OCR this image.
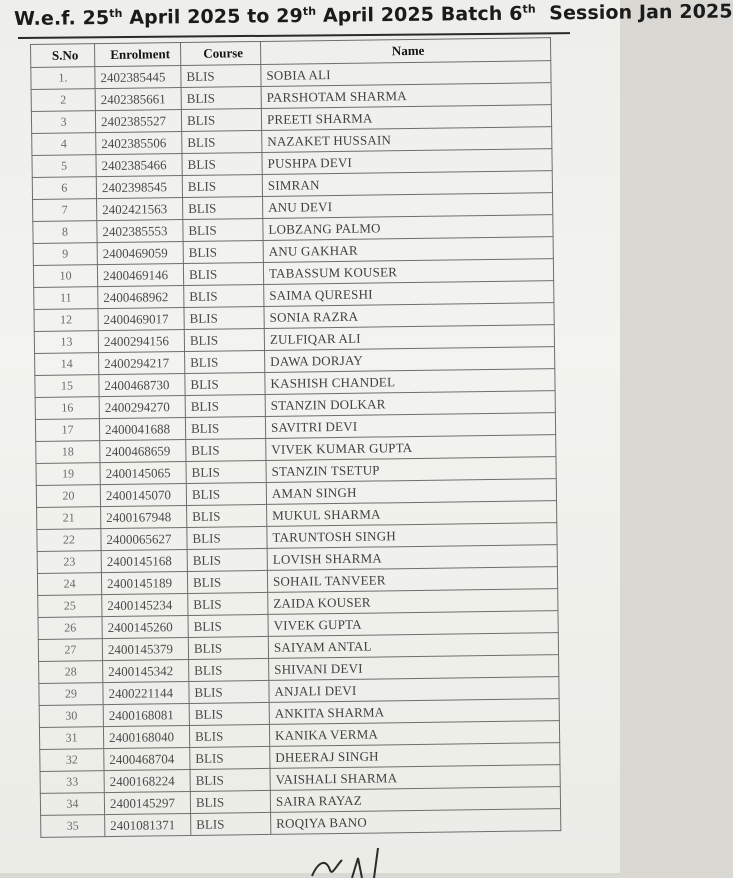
W.e.f. 25th April 2025 to 29th April 2025 Batch 6th  Session Jan 2025
S.No	Enrolment	Course	Name
1.	2402385445	BLIS	SOBIA ALI
2	2402385661	BLIS	PARSHOTAM SHARMA
3	2402385527	BLIS	PREETI SHARMA
4	2402385506	BLIS	NAZAKET HUSSAIN
5	2402385466	BLIS	PUSHPA DEVI
6	2402398545	BLIS	SIMRAN
7	2402421563	BLIS	ANU DEVI
8	2402385553	BLIS	LOBZANG PALMO
9	2400469059	BLIS	ANU GAKHAR
10	2400469146	BLIS	TABASSUM KOUSER
11	2400468962	BLIS	SAIMA QURESHI
12	2400469017	BLIS	SONIA RAZRA
13	2400294156	BLIS	ZULFIQAR ALI
14	2400294217	BLIS	DAWA DORJAY
15	2400468730	BLIS	KASHISH CHANDEL
16	2400294270	BLIS	STANZIN DOLKAR
17	2400041688	BLIS	SAVITRI DEVI
18	2400468659	BLIS	VIVEK KUMAR GUPTA
19	2400145065	BLIS	STANZIN TSETUP
20	2400145070	BLIS	AMAN SINGH
21	2400167948	BLIS	MUKUL SHARMA
22	2400065627	BLIS	TARUNTOSH SINGH
23	2400145168	BLIS	LOVISH SHARMA
24	2400145189	BLIS	SOHAIL TANVEER
25	2400145234	BLIS	ZAIDA KOUSER
26	2400145260	BLIS	VIVEK GUPTA
27	2400145379	BLIS	SAIYAM ANTAL
28	2400145342	BLIS	SHIVANI DEVI
29	2400221144	BLIS	ANJALI DEVI
30	2400168081	BLIS	ANKITA SHARMA
31	2400168040	BLIS	KANIKA VERMA
32	2400468704	BLIS	DHEERAJ SINGH
33	2400168224	BLIS	VAISHALI SHARMA
34	2400145297	BLIS	SAIRA RAYAZ
35	2401081371	BLIS	ROQIYA BANO
